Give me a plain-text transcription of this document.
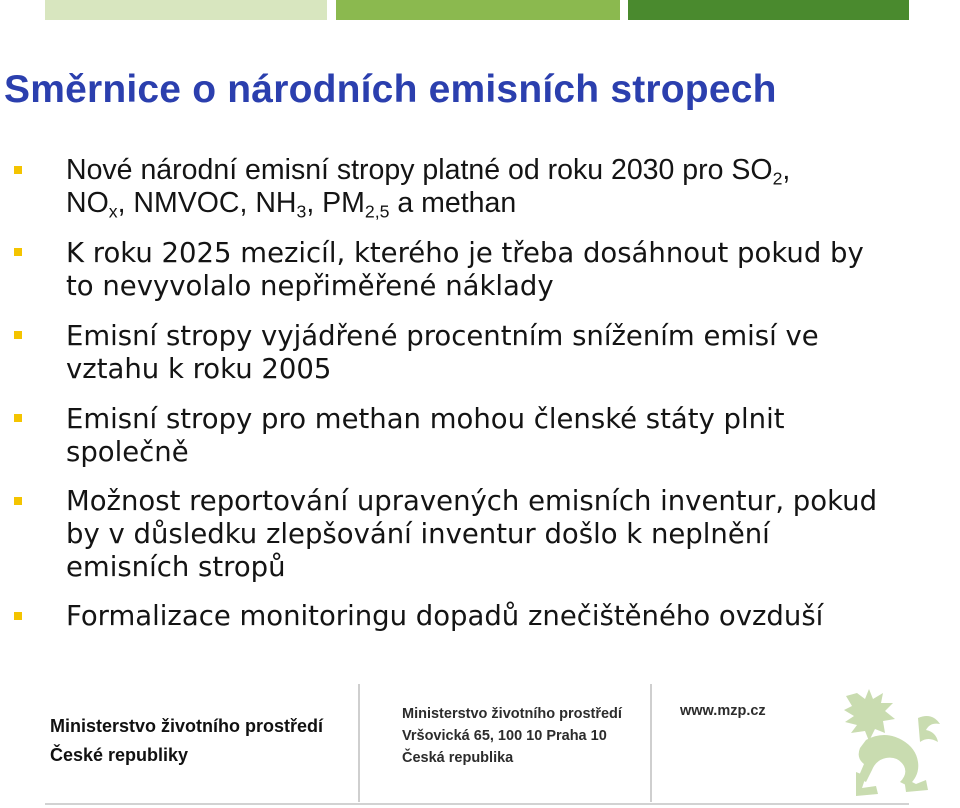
Směrnice o národních emisních stropech
Nové národní emisní stropy platné od roku 2030 pro $SO_2$,
$NO_x$, NMVOC, $NH_3$, $PM_{2,5}$ a methan
K roku 2025 mezicíl, kterého je třeba dosáhnout pokud by
to nevyvolalo nepřiměřené náklady
Emisní stropy vyjádřené procentním snížením emisí ve
vztahu k roku 2005
Emisní stropy pro methan mohou členské státy plnit
společně
Možnost reportování upravených emisních inventur, pokud
by v důsledku zlepšování inventur došlo k neplnění
emisních stropů
Formalizace monitoringu dopadů znečištěného ovzduší
Ministerstvo životního prostředí
České republiky
Ministerstvo životního prostředí
Vršovická 65, 100 10 Praha 10
Česká republika
www.mzp.cz
